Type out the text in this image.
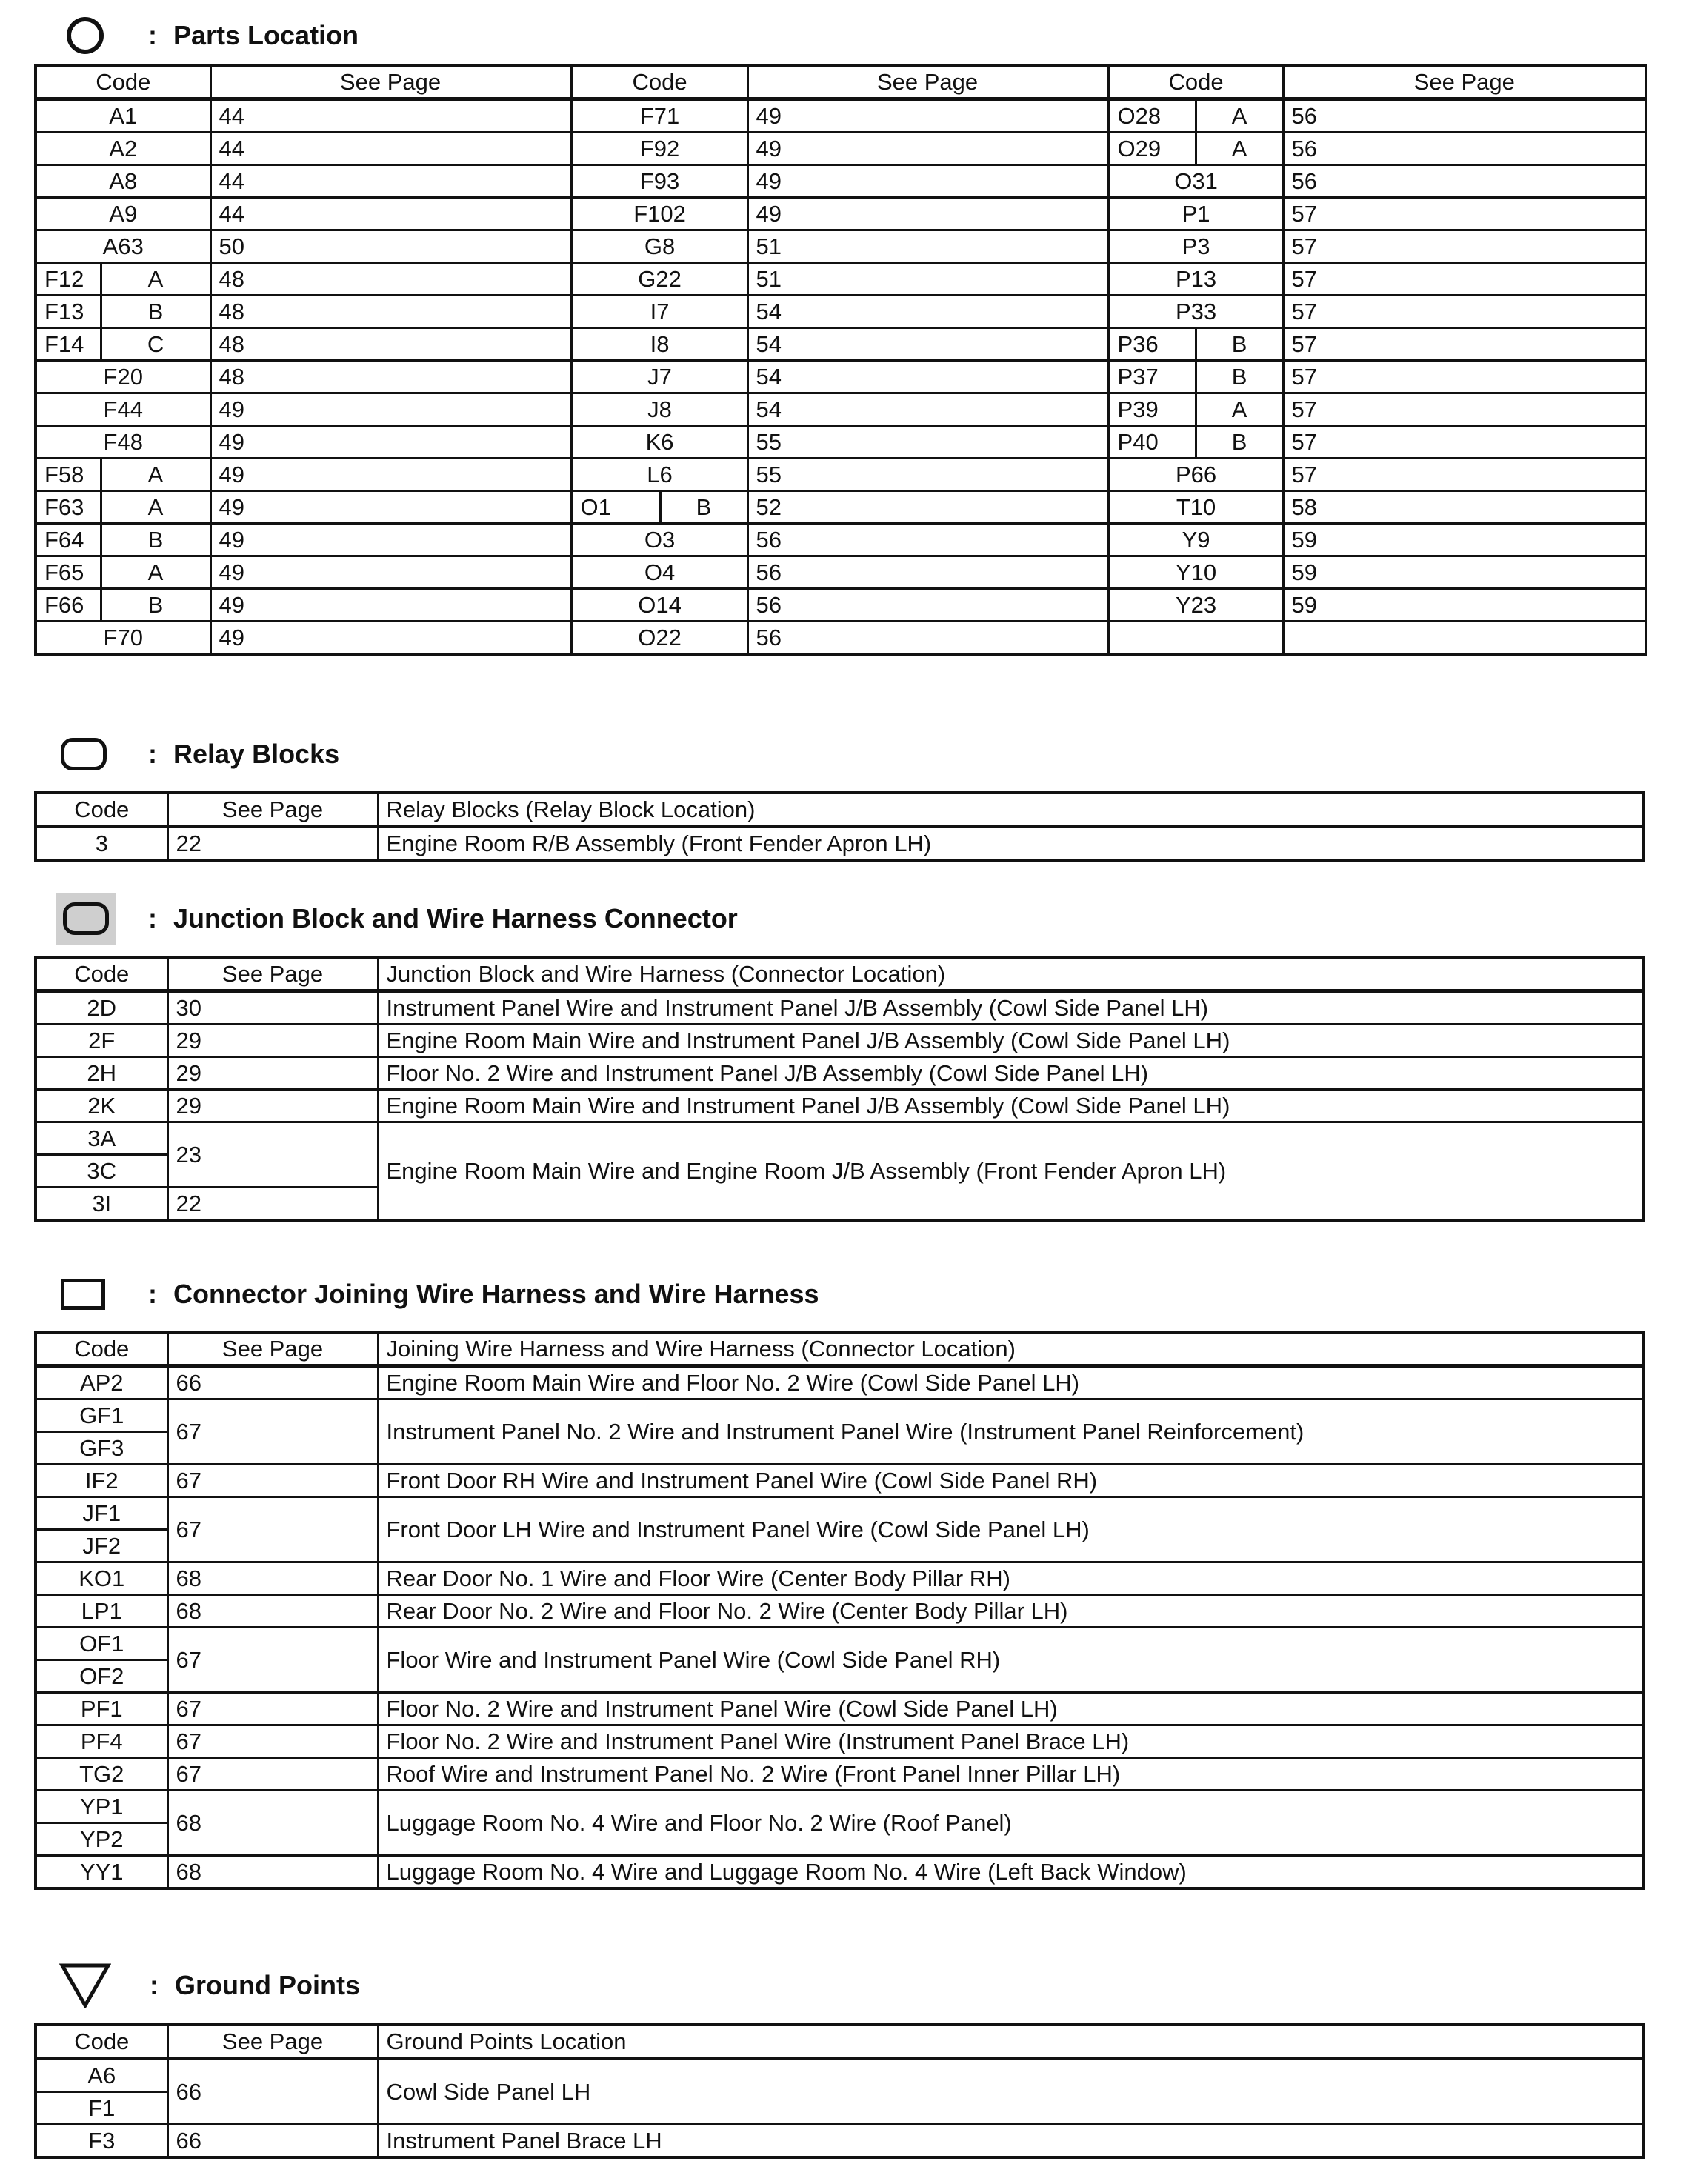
: Parts Location
Code		See Page	Code		See Page	Code		See Page
A1		44	F71		49	O28	A	56
A2		44	F92		49	O29	A	56
A8		44	F93		49	O31		56
A9		44	F102		49	P1		57
A63		50	G8		51	P3		57
F12	A	48	G22		51	P13		57
F13	B	48	I7		54	P33		57
F14	C	48	I8		54	P36	B	57
F20		48	J7		54	P37	B	57
F44		49	J8		54	P39	A	57
F48		49	K6		55	P40	B	57
F58	A	49	L6		55	P66		57
F63	A	49	O1	B	52	T10		58
F64	B	49	O3		56	Y9		59
F65	A	49	O4		56	Y10		59
F66	B	49	O14		56	Y23		59
F70		49	O22		56			
: Relay Blocks
Code	See Page	Relay Blocks (Relay Block Location)
3	22	Engine Room R/B Assembly (Front Fender Apron LH)
: Junction Block and Wire Harness Connector
Code	See Page	Junction Block and Wire Harness (Connector Location)
2D	30	Instrument Panel Wire and Instrument Panel J/B Assembly (Cowl Side Panel LH)
2F	29	Engine Room Main Wire and Instrument Panel J/B Assembly (Cowl Side Panel LH)
2H	29	Floor No. 2 Wire and Instrument Panel J/B Assembly (Cowl Side Panel LH)
2K	29	Engine Room Main Wire and Instrument Panel J/B Assembly (Cowl Side Panel LH)
3A	23	Engine Room Main Wire and Engine Room J/B Assembly (Front Fender Apron LH)
3C		
3I	22	
: Connector Joining Wire Harness and Wire Harness
Code	See Page	Joining Wire Harness and Wire Harness (Connector Location)
AP2	66	Engine Room Main Wire and Floor No. 2 Wire (Cowl Side Panel LH)
GF1	67	Instrument Panel No. 2 Wire and Instrument Panel Wire (Instrument Panel Reinforcement)
GF3		
IF2	67	Front Door RH Wire and Instrument Panel Wire (Cowl Side Panel RH)
JF1	67	Front Door LH Wire and Instrument Panel Wire (Cowl Side Panel LH)
JF2		
KO1	68	Rear Door No. 1 Wire and Floor Wire (Center Body Pillar RH)
LP1	68	Rear Door No. 2 Wire and Floor No. 2 Wire (Center Body Pillar LH)
OF1	67	Floor Wire and Instrument Panel Wire (Cowl Side Panel RH)
OF2		
PF1	67	Floor No. 2 Wire and Instrument Panel Wire (Cowl Side Panel LH)
PF4	67	Floor No. 2 Wire and Instrument Panel Wire (Instrument Panel Brace LH)
TG2	67	Roof Wire and Instrument Panel No. 2 Wire (Front Panel Inner Pillar LH)
YP1	68	Luggage Room No. 4 Wire and Floor No. 2 Wire (Roof Panel)
YP2		
YY1	68	Luggage Room No. 4 Wire and Luggage Room No. 4 Wire (Left Back Window)
: Ground Points
Code	See Page	Ground Points Location
A6	66	Cowl Side Panel LH
F1		
F3	66	Instrument Panel Brace LH
